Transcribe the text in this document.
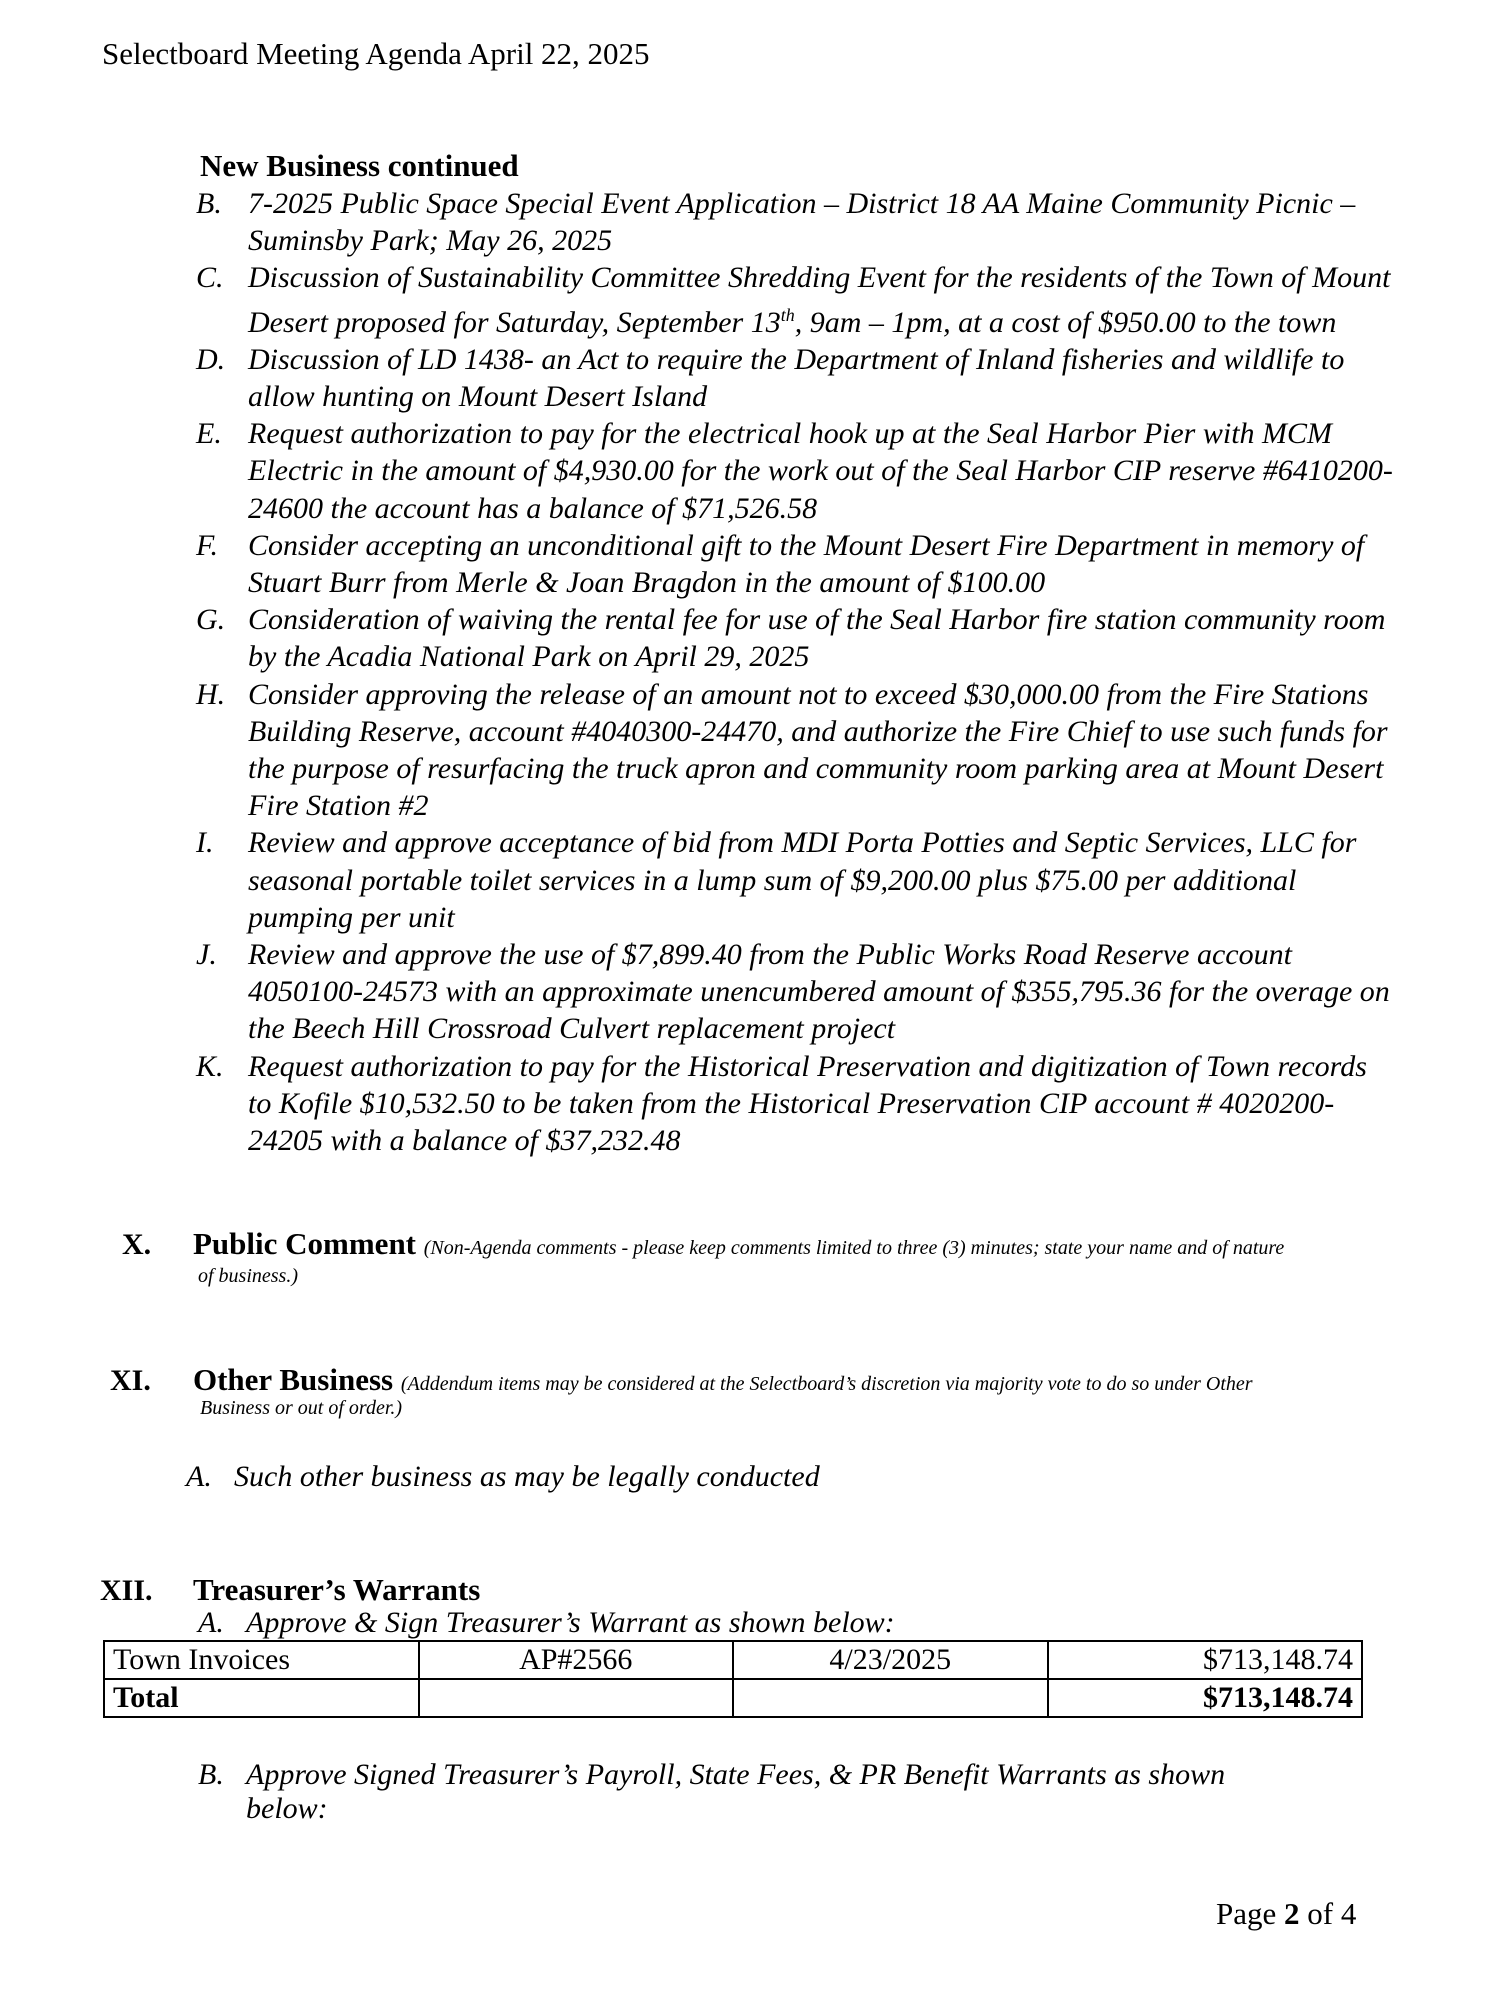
Selectboard Meeting Agenda April 22, 2025
New Business continued
B. 7-2025 Public Space Special Event Application – District 18 AA Maine Community Picnic – Suminsby Park; May 26, 2025
C. Discussion of Sustainability Committee Shredding Event for the residents of the Town of Mount Desert proposed for Saturday, September 13th, 9am – 1pm, at a cost of $950.00 to the town
D. Discussion of LD 1438- an Act to require the Department of Inland fisheries and wildlife to allow hunting on Mount Desert Island
E. Request authorization to pay for the electrical hook up at the Seal Harbor Pier with MCM Electric in the amount of $4,930.00 for the work out of the Seal Harbor CIP reserve #6410200-24600 the account has a balance of $71,526.58
F.	Consider accepting an unconditional gift to the Mount Desert Fire Department in memory of Stuart Burr from Merle & Joan Bragdon in the amount of $100.00
G. Consideration of waiving the rental fee for use of the Seal Harbor fire station community room by the Acadia National Park on April 29, 2025
H. Consider approving the release of an amount not to exceed $30,000.00 from the Fire Stations Building Reserve, account #4040300-24470, and authorize the Fire Chief to use such funds for the purpose of resurfacing the truck apron and community room parking area at Mount Desert Fire Station #2
I.	Review and approve acceptance of bid from MDI Porta Potties and Septic Services, LLC for seasonal portable toilet services in a lump sum of $9,200.00 plus $75.00 per additional pumping per unit
J.	Review and approve the use of $7,899.40 from the Public Works Road Reserve account 4050100-24573 with an approximate unencumbered amount of $355,795.36 for the overage on the Beech Hill Crossroad Culvert replacement project
K. Request authorization to pay for the Historical Preservation and digitization of Town records to Kofile $10,532.50 to be taken from the Historical Preservation CIP account # 4020200-24205 with a balance of $37,232.48
X. Public Comment (Non-Agenda comments - please keep comments limited to three (3) minutes; state your name and of nature
of business.)
XI. Other Business (Addendum items may be considered at the Selectboard’s discretion via majority vote to do so under Other
Business or out of order.)
A. Such other business as may be legally conducted
XII. Treasurer’s Warrants
A. Approve & Sign Treasurer’s Warrant as shown below:
Town Invoices	AP#2566	4/23/2025	$713,148.74
Total			$713,148.74
B. Approve Signed Treasurer’s Payroll, State Fees, & PR Benefit Warrants as shown
below:
Page 2 of 4
